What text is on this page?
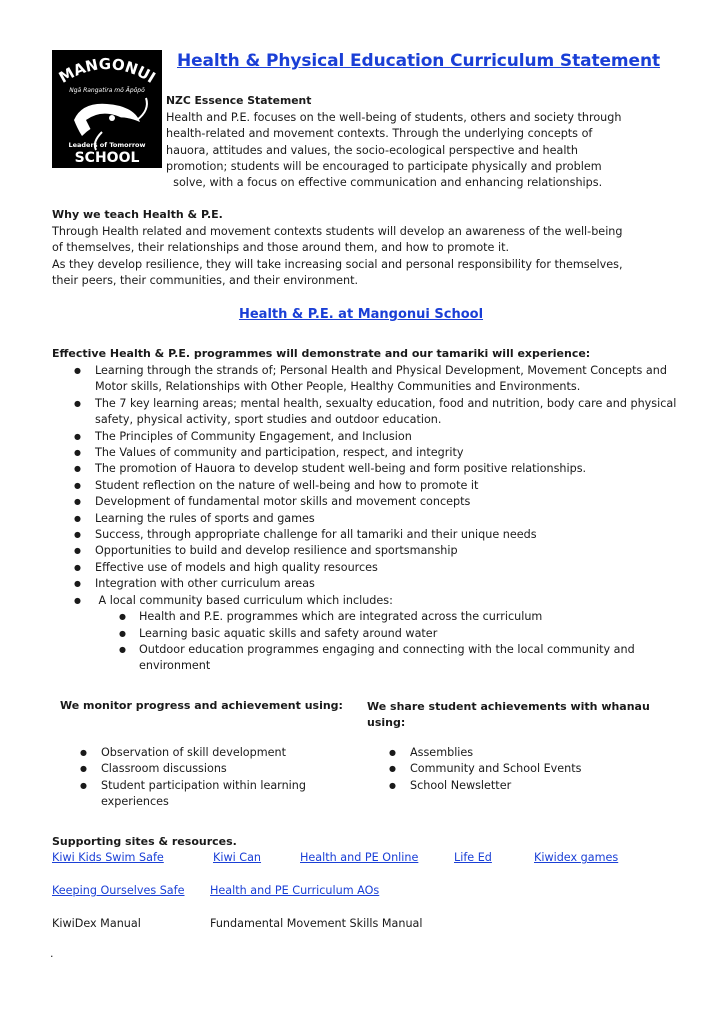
MANGONUI
Ngā Rangatira mō Āpōpō
Leaders of Tomorrow
SCHOOL
Health & Physical Education Curriculum Statement
NZC Essence Statement
Health and P.E. focuses on the well-being of students, others and society through
health-related and movement contexts. Through the underlying concepts of
hauora, attitudes and values, the socio-ecological perspective and health
promotion; students will be encouraged to participate physically and problem
solve, with a focus on effective communication and enhancing relationships.
Why we teach Health & P.E.
Through Health related and movement contexts students will develop an awareness of the well-being
of themselves, their relationships and those around them, and how to promote it.
As they develop resilience, they will take increasing social and personal responsibility for themselves,
their peers, their communities, and their environment.
Health & P.E. at Mangonui School
Effective Health & P.E. programmes will demonstrate and our tamariki will experience:
● Learning through the strands of; Personal Health and Physical Development, Movement Concepts and Motor skills, Relationships with Other People, Healthy Communities and Environments.
● The 7 key learning areas; mental health, sexualty education, food and nutrition, body care and physical safety, physical activity, sport studies and outdoor education.
● The Principles of Community Engagement, and Inclusion
● The Values of community and participation, respect, and integrity
● The promotion of Hauora to develop student well-being and form positive relationships.
● Student reflection on the nature of well-being and how to promote it
● Development of fundamental motor skills and movement concepts
● Learning the rules of sports and games
● Success, through appropriate challenge for all tamariki and their unique needs
● Opportunities to build and develop resilience and sportsmanship
● Effective use of models and high quality resources
● Integration with other curriculum areas
●  A local community based curriculum which includes:
● Health and P.E. programmes which are integrated across the curriculum
● Learning basic aquatic skills and safety around water
● Outdoor education programmes engaging and connecting with the local community and environment
We monitor progress and achievement using: We share student achievements with whanau using:
● Observation of skill development
● Classroom discussions
● Student participation within learning experiences
● Assemblies
● Community and School Events
● School Newsletter
Supporting sites & resources.
Kiwi Kids Swim Safe	Kiwi Can	Health and PE Online	Life Ed	Kiwidex games
Keeping Ourselves Safe Health and PE Curriculum AOs
KiwiDex Manual	Fundamental Movement Skills Manual
.
